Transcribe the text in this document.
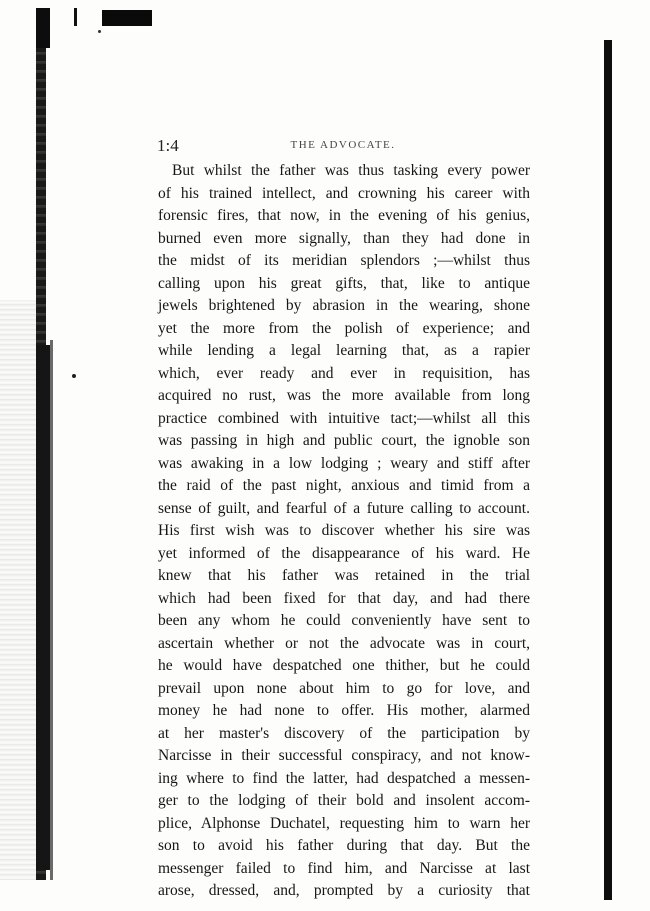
1:4	THE ADVOCATE.
But whilst the father was thus tasking every power
of his trained intellect, and crowning his career with
forensic fires, that now, in the evening of his genius,
burned even more signally, than they had done in
the midst of its meridian splendors ;—whilst thus
calling upon his great gifts, that, like to antique
jewels brightened by abrasion in the wearing, shone
yet the more from the polish of experience; and
while lending a legal learning that, as a rapier
which, ever ready and ever in requisition, has
acquired no rust, was the more available from long
practice combined with intuitive tact;—whilst all this
was passing in high and public court, the ignoble son
was awaking in a low lodging ; weary and stiff after
the raid of the past night, anxious and timid from a
sense of guilt, and fearful of a future calling to account.
His first wish was to discover whether his sire was
yet informed of the disappearance of his ward. He
knew that his father was retained in the trial
which had been fixed for that day, and had there
been any whom he could conveniently have sent to
ascertain whether or not the advocate was in court,
he would have despatched one thither, but he could
prevail upon none about him to go for love, and
money he had none to offer. His mother, alarmed
at her master's discovery of the participation by
Narcisse in their successful conspiracy, and not know-
ing where to find the latter, had despatched a messen-
ger to the lodging of their bold and insolent accom-
plice, Alphonse Duchatel, requesting him to warn her
son to avoid his father during that day. But the
messenger failed to find him, and Narcisse at last
arose, dressed, and, prompted by a curiosity that
